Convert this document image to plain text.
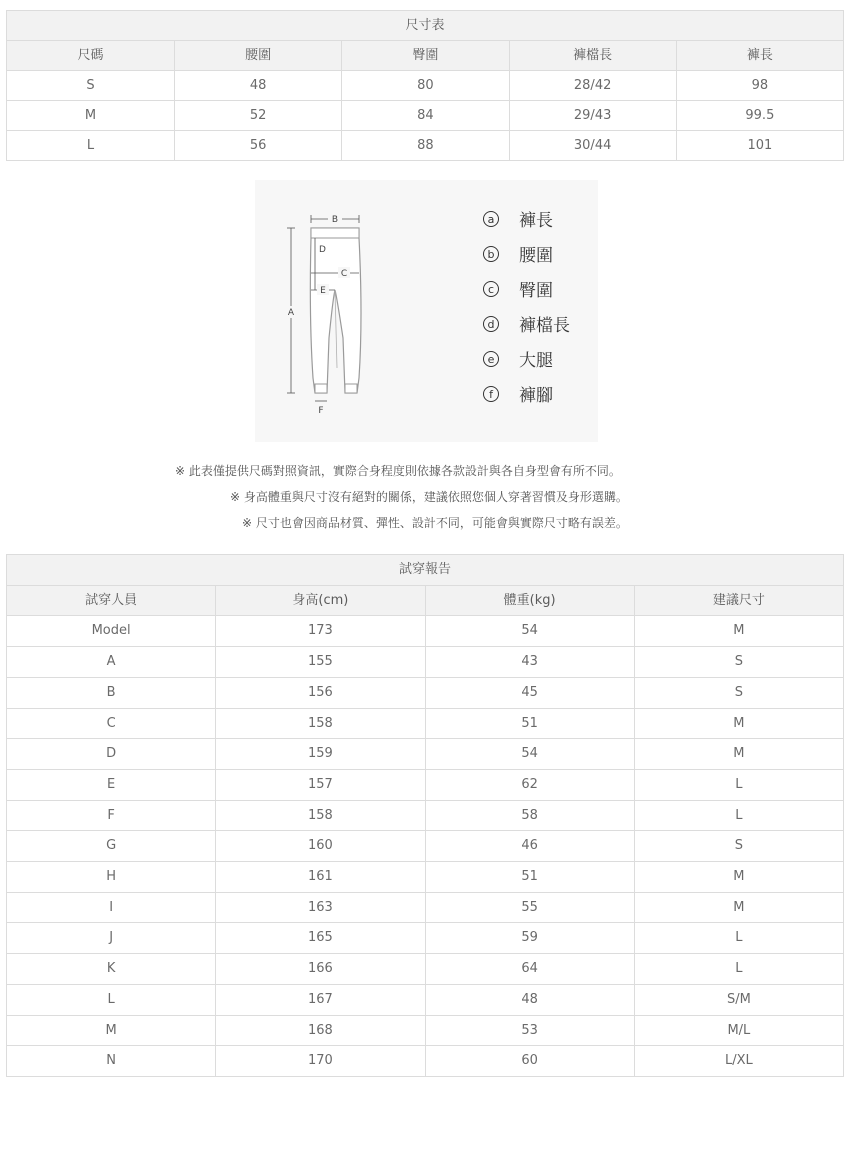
尺寸表				
尺碼	腰圍	臀圍	褲檔長	褲長
S	48	80	28/42	98
M	52	84	29/43	99.5
L	56	88	30/44	101
B
A
D
C
E
F
a 褲長
b 腰圍
c 臀圍
d 褲檔長
e 大腿
f	褲腳
※ 此表僅提供尺碼對照資訊，實際合身程度則依據各款設計與各自身型會有所不同。
※ 身高體重與尺寸沒有絕對的關係，建議依照您個人穿著習慣及身形選購。
※ 尺寸也會因商品材質、彈性、設計不同，可能會與實際尺寸略有誤差。
試穿報告			
試穿人員	身高(cm)	體重(kg)	建議尺寸
Model	173	54	M
A	155	43	S
B	156	45	S
C	158	51	M
D	159	54	M
E	157	62	L
F	158	58	L
G	160	46	S
H	161	51	M
I	163	55	M
J	165	59	L
K	166	64	L
L	167	48	S/M
M	168	53	M/L
N	170	60	L/XL
